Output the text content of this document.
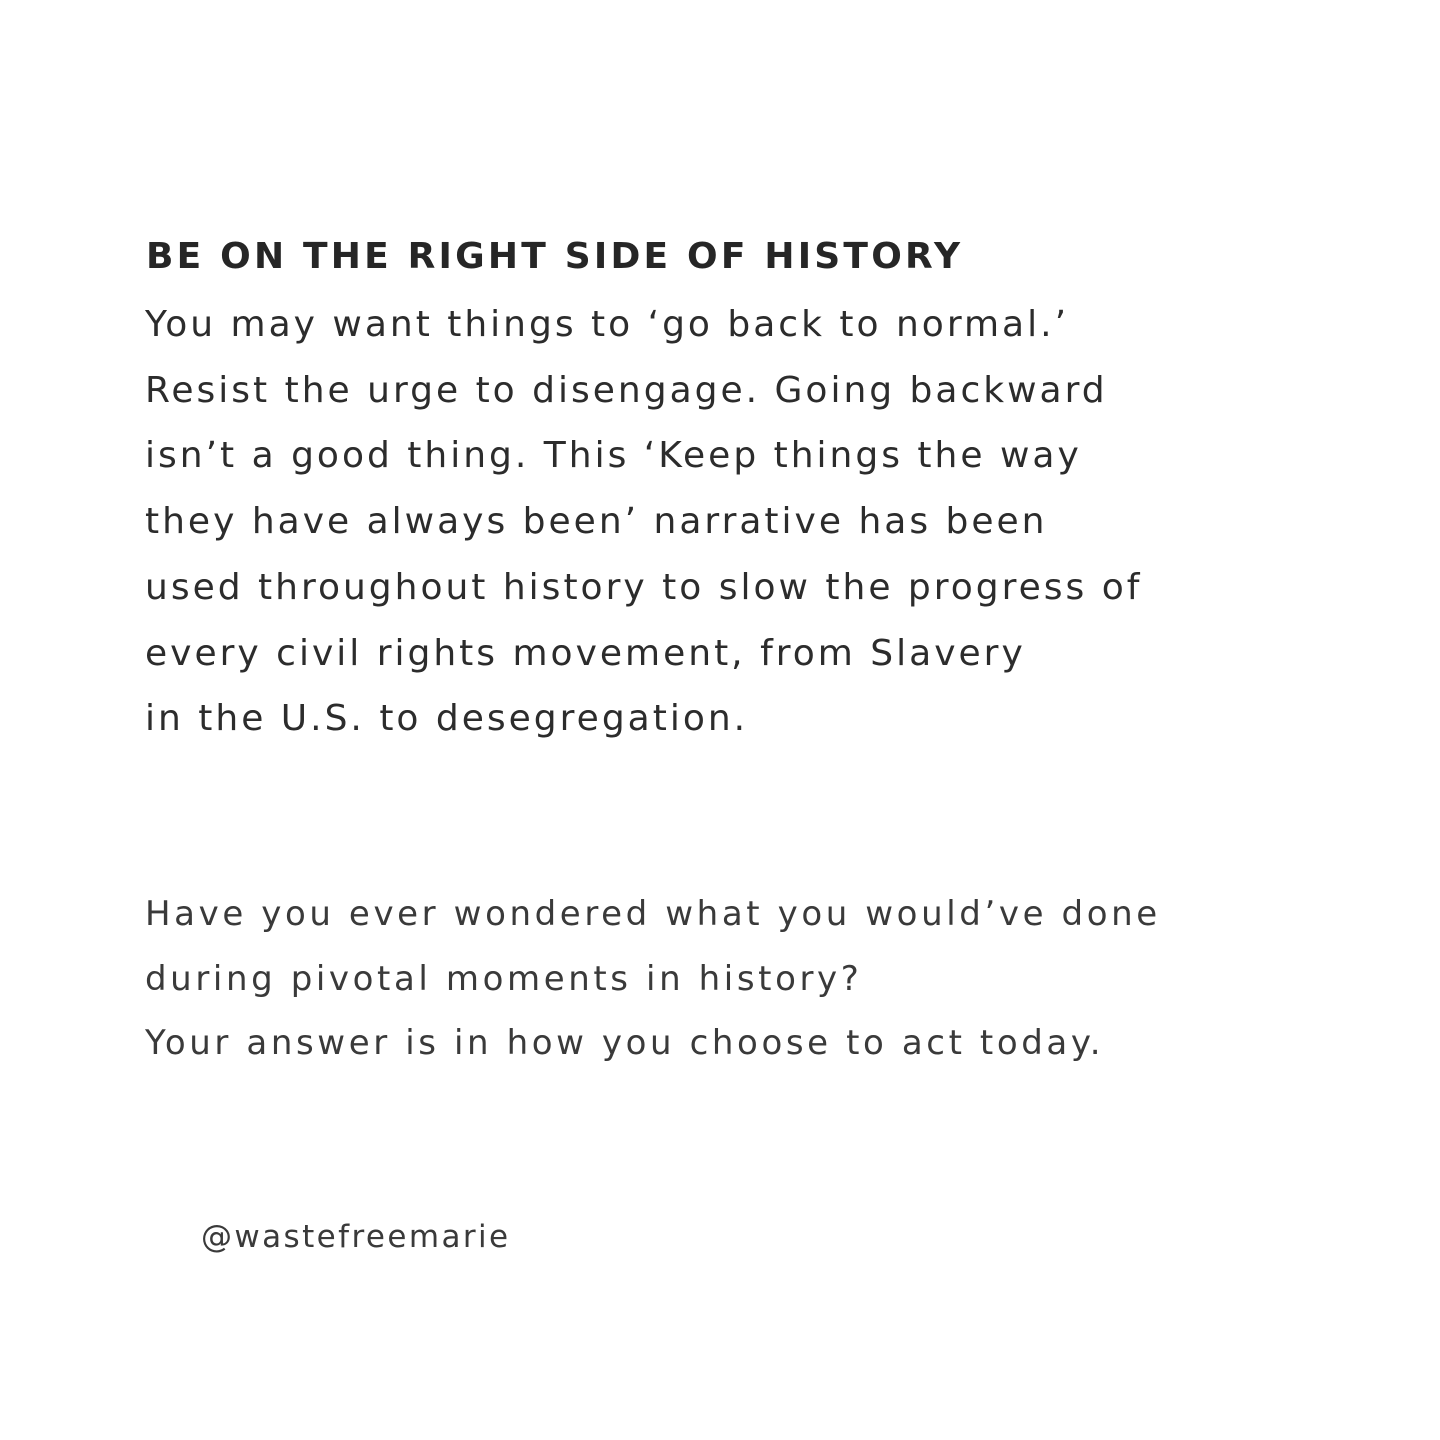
BE ON THE RIGHT SIDE OF HISTORY
You may want things to ‘go back to normal.’
Resist the urge to disengage. Going backward
isn’t a good thing. This ‘Keep things the way
they have always been’ narrative has been
used throughout history to slow the progress of
every civil rights movement, from Slavery
in the U.S. to desegregation.
Have you ever wondered what you would’ve done
during pivotal moments in history?
Your answer is in how you choose to act today.
@wastefreemarie
